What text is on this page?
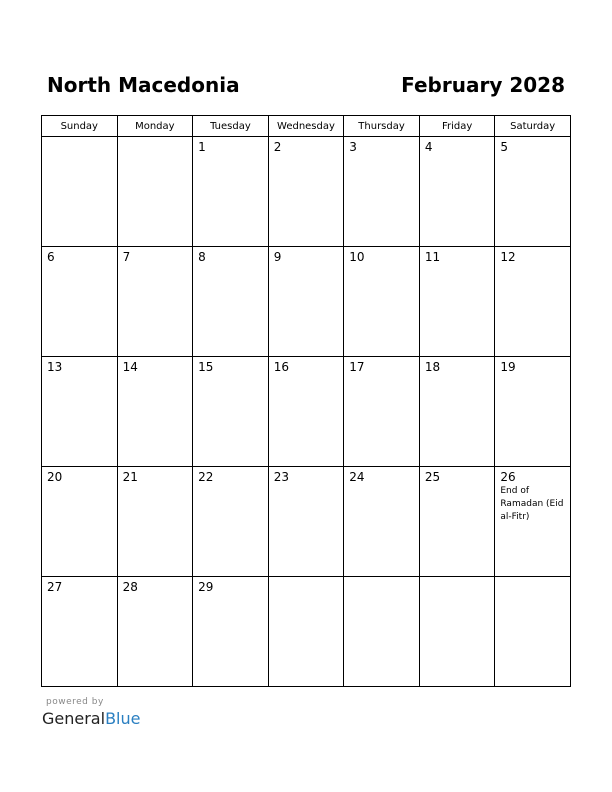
North Macedonia	February 2028
Sunday	Monday	Tuesday	Wednesday	Thursday	Friday	Saturday

		1	2	3	4	5

6	7	8	9	10	11	12

13	14	15	16	17	18	19

20	21	22	23	24	25	26
End of Ramadan (Eid al-Fitr)

27	28	29				

powered by
GeneralBlue
